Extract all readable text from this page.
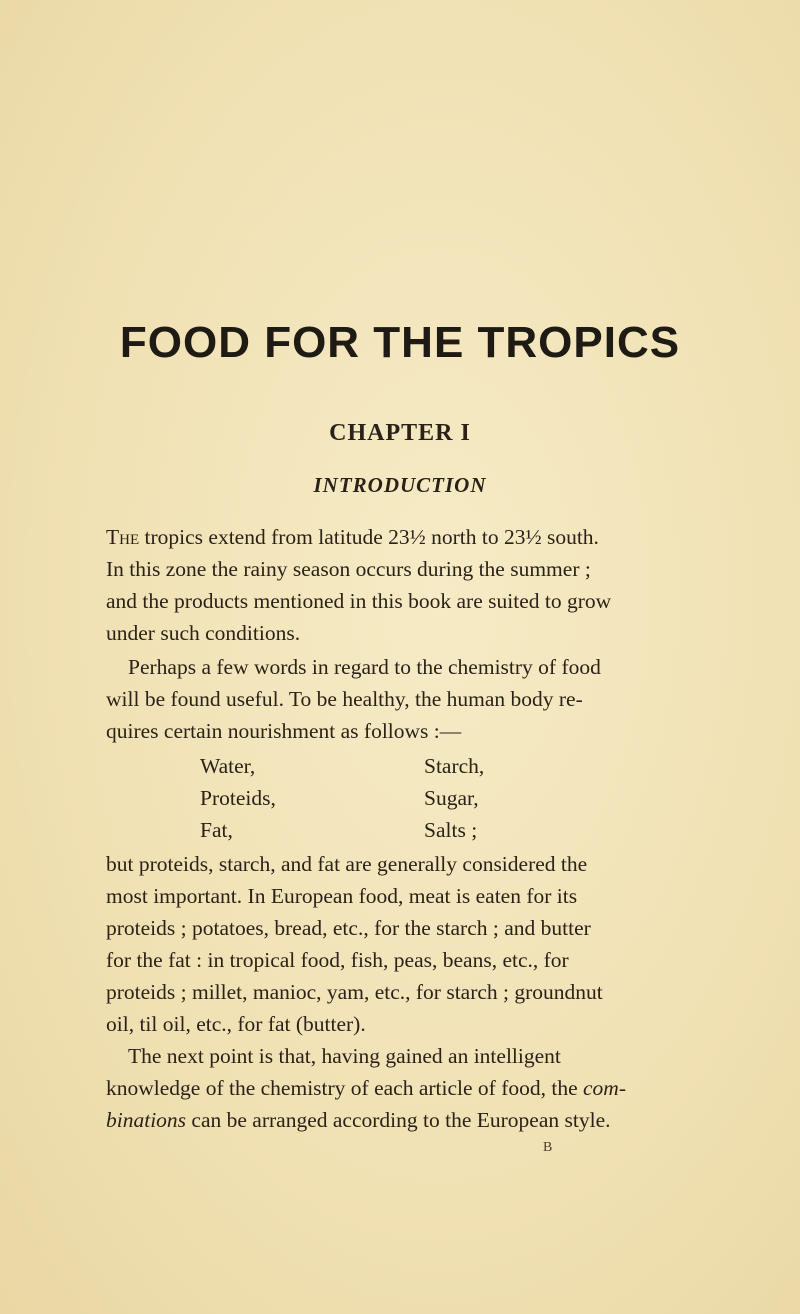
FOOD FOR THE TROPICS
CHAPTER I
INTRODUCTION

The tropics extend from latitude 23½ north to 23½ south.

In this zone the rainy season occurs during the summer ;

and the products mentioned in this book are suited to grow

under such conditions.

Perhaps a few words in regard to the chemistry of food

will be found useful. To be healthy, the human body re-

quires certain nourishment as follows :—

Water,
Proteids,
Fat,
Starch,
Sugar,
Salts ;

but proteids, starch, and fat are generally considered the

most important. In European food, meat is eaten for its

proteids ; potatoes, bread, etc., for the starch ; and butter

for the fat : in tropical food, fish, peas, beans, etc., for

proteids ; millet, manioc, yam, etc., for starch ; groundnut

oil, til oil, etc., for fat (butter).

The next point is that, having gained an intelligent

knowledge of the chemistry of each article of food, the com-

binations can be arranged according to the European style.

B
